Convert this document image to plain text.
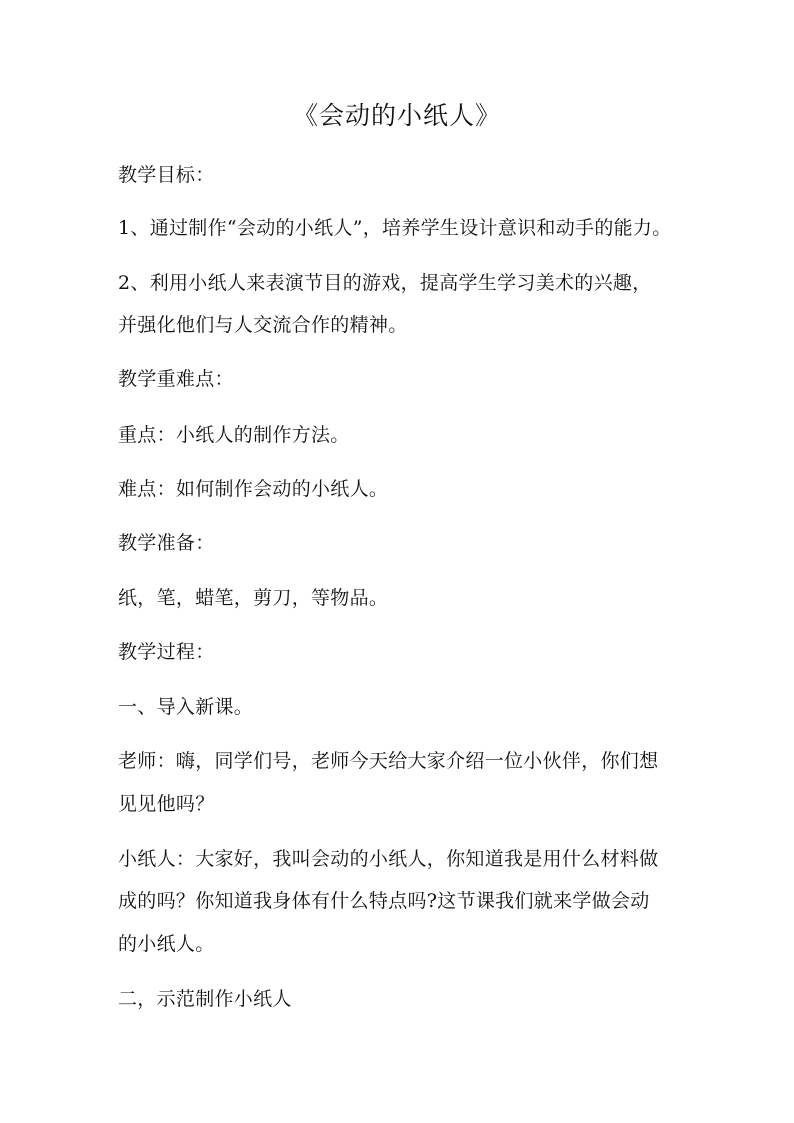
《会动的小纸人》

教学目标：

1、通过制作“会动的小纸人”，培养学生设计意识和动手的能力。

2、利用小纸人来表演节目的游戏，提高学生学习美术的兴趣，

并强化他们与人交流合作的精神。

教学重难点：

重点：小纸人的制作方法。

难点：如何制作会动的小纸人。

教学准备：

纸，笔，蜡笔，剪刀，等物品。

教学过程：

一、导入新课。

老师：嗨，同学们号，老师今天给大家介绍一位小伙伴，你们想

见见他吗？

小纸人：大家好，我叫会动的小纸人，你知道我是用什么材料做

成的吗？你知道我身体有什么特点吗?这节课我们就来学做会动

的小纸人。

二，示范制作小纸人
